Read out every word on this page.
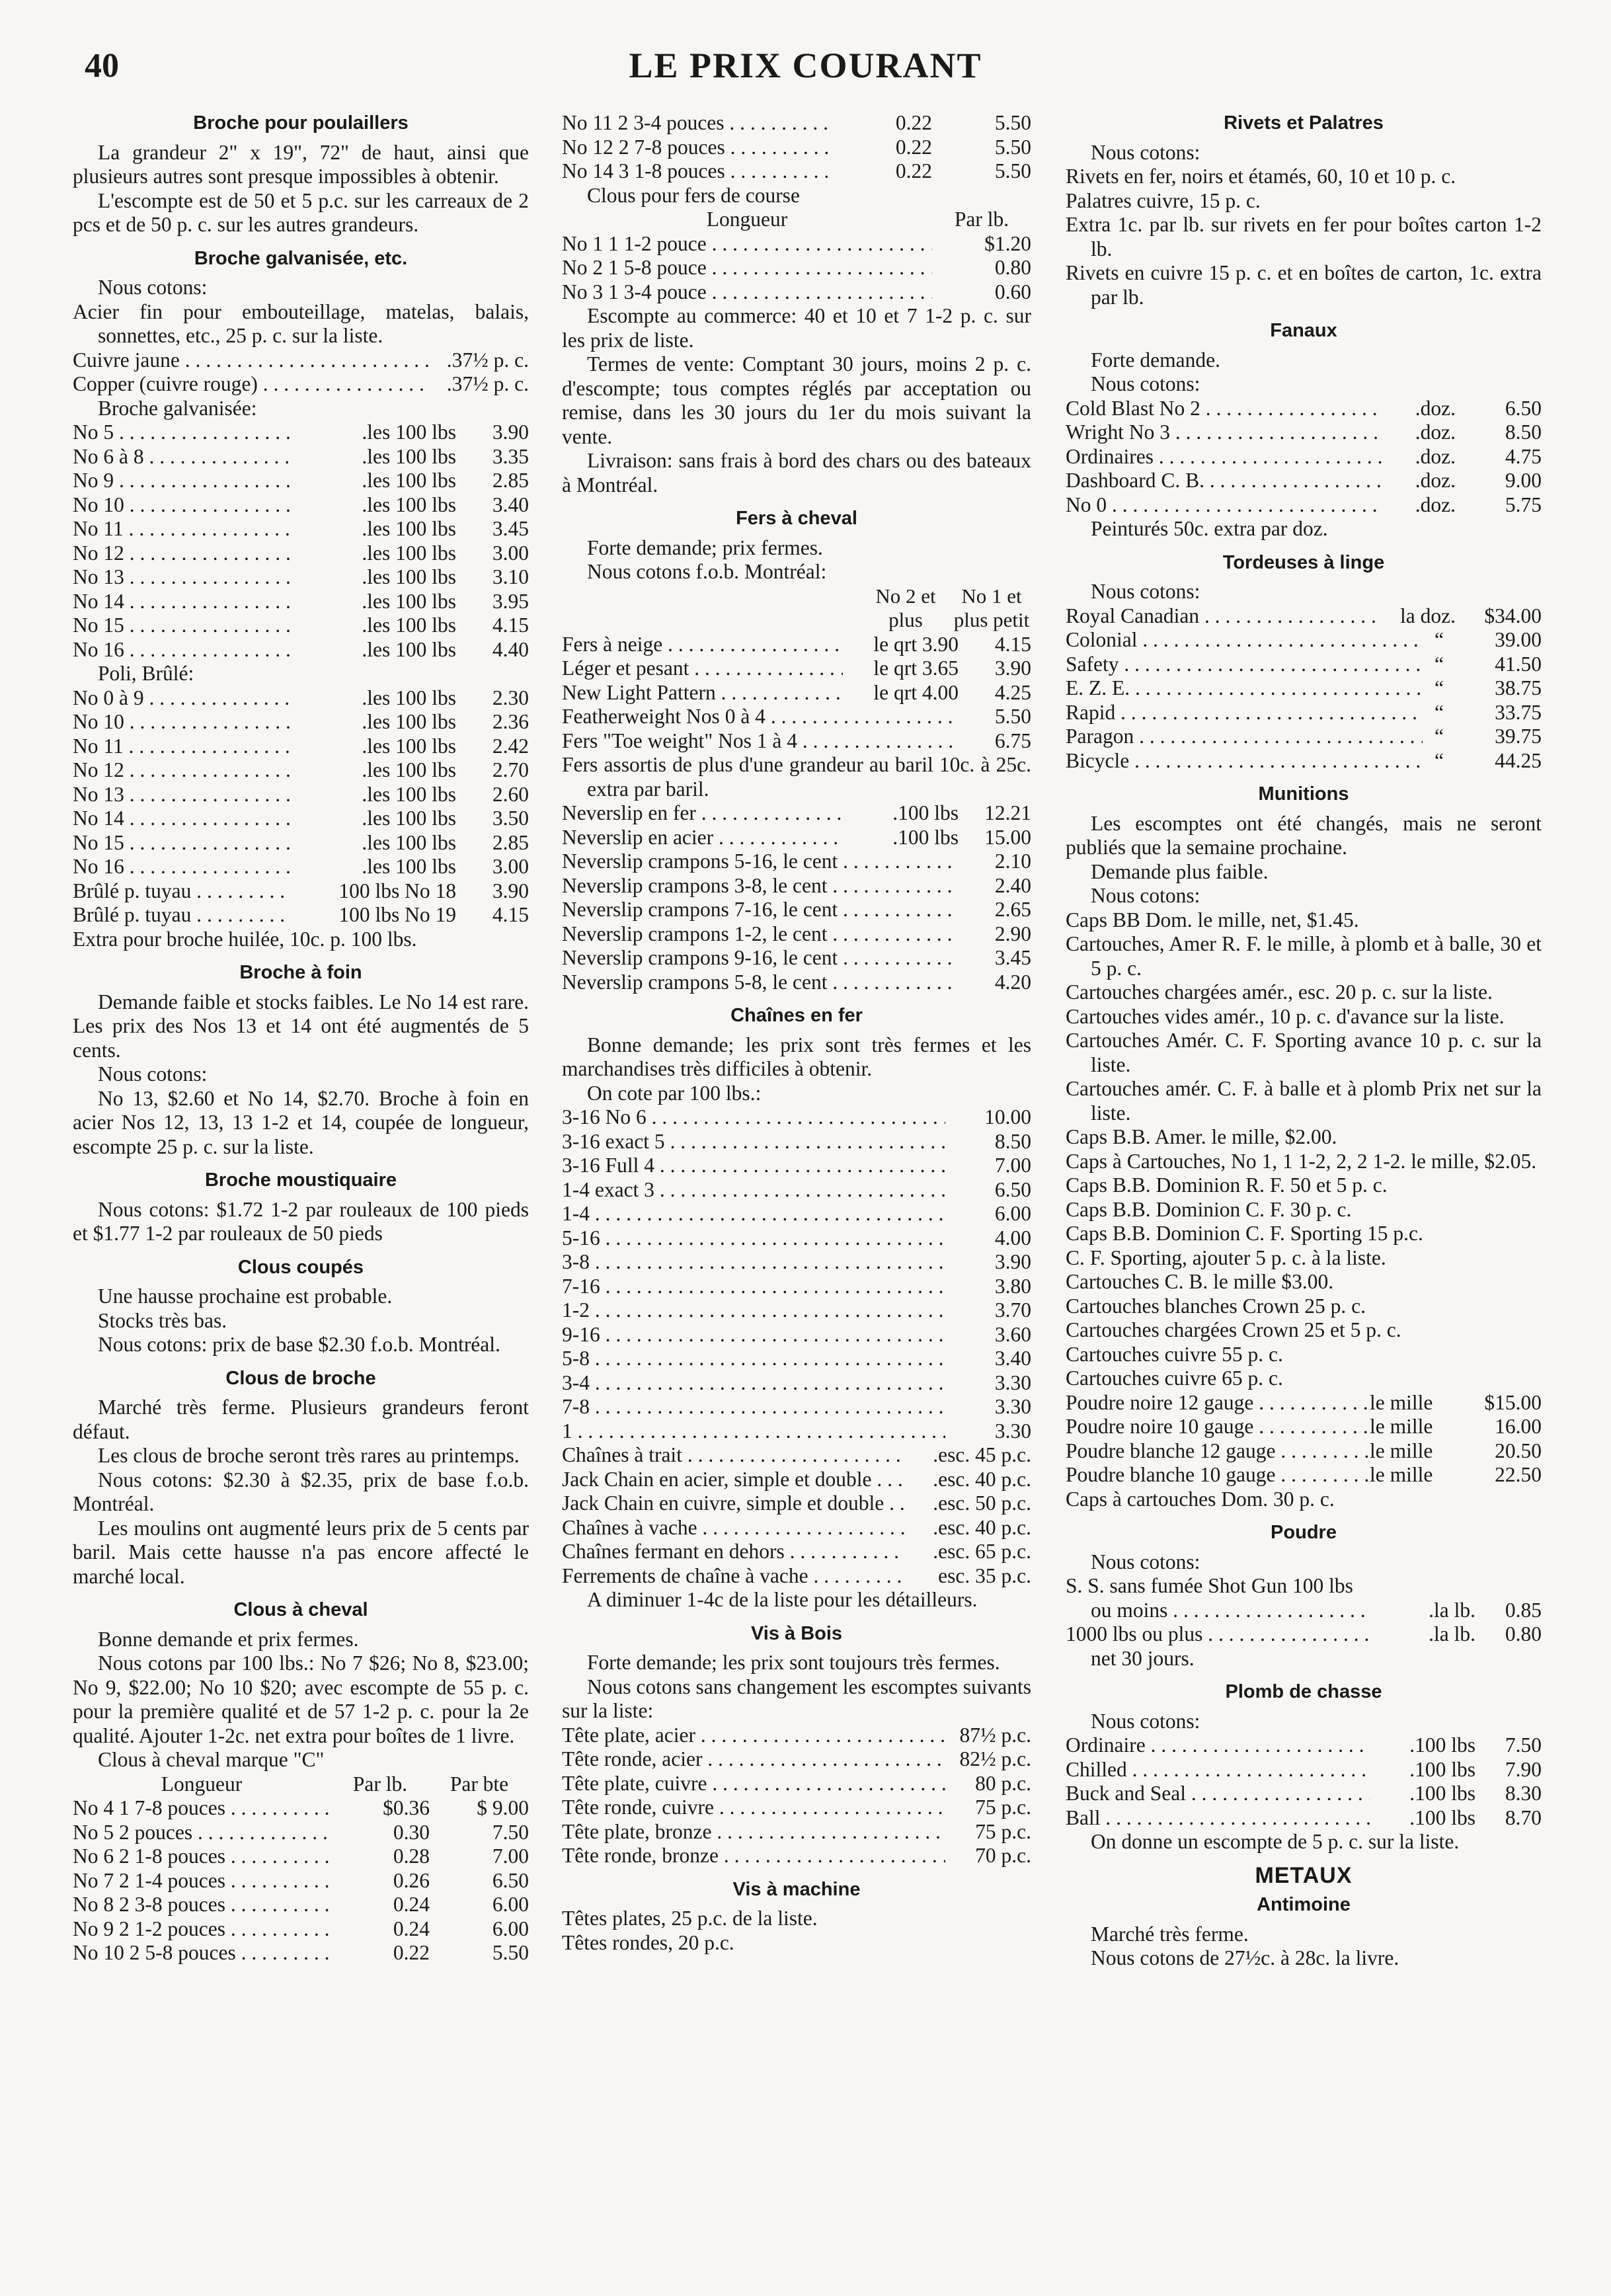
40	LE PRIX COURANT
Broche pour poulaillers

La grandeur 2" x 19", 72" de haut, ainsi que plusieurs autres sont presque impossibles à obtenir.

L'escompte est de 50 et 5 p.c. sur les carreaux de 2 pcs et de 50 p. c. sur les autres grandeurs.

Broche galvanisée, etc.

Nous cotons:

Acier fin pour embouteillage, matelas, balais, sonnettes, etc., 25 p. c. sur la liste.

Cuivre jaune . . .	.37½ p. c.
Copper (cuivre rouge) . . .	.37½ p. c.

Broche galvanisée:

No 5 . . .	.les 100 lbs	3.90
No 6 à 8 . . .	.les 100 lbs	3.35
No 9 . . .	.les 100 lbs	2.85
No 10 . . .	.les 100 lbs	3.40
No 11 . . .	.les 100 lbs	3.45
No 12 . . .	.les 100 lbs	3.00
No 13 . . .	.les 100 lbs	3.10
No 14 . . .	.les 100 lbs	3.95
No 15 . . .	.les 100 lbs	4.15
No 16 . . .	.les 100 lbs	4.40

Poli, Brûlé:

No 0 à 9 . . .	.les 100 lbs	2.30
No 10 . . .	.les 100 lbs	2.36
No 11 . . .	.les 100 lbs	2.42
No 12 . . .	.les 100 lbs	2.70
No 13 . . .	.les 100 lbs	2.60
No 14 . . .	.les 100 lbs	3.50
No 15 . . .	.les 100 lbs	2.85
No 16 . . .	.les 100 lbs	3.00
Brûlé p. tuyau . . .	100 lbs No 18	3.90
Brûlé p. tuyau . . .	100 lbs No 19	4.15

Extra pour broche huilée, 10c. p. 100 lbs.

Broche à foin

Demande faible et stocks faibles. Le No 14 est rare. Les prix des Nos 13 et 14 ont été augmentés de 5 cents.

Nous cotons:

No 13, $2.60 et No 14, $2.70. Broche à foin en acier Nos 12, 13, 13 1-2 et 14, coupée de longueur, escompte 25 p. c. sur la liste.

Broche moustiquaire

Nous cotons: $1.72 1-2 par rouleaux de 100 pieds et $1.77 1-2 par rouleaux de 50 pieds

Clous coupés

Une hausse prochaine est probable.

Stocks très bas.

Nous cotons: prix de base $2.30 f.o.b. Montréal.

Clous de broche

Marché très ferme. Plusieurs grandeurs feront défaut.

Les clous de broche seront très rares au printemps.

Nous cotons: $2.30 à $2.35, prix de base f.o.b. Montréal.

Les moulins ont augmenté leurs prix de 5 cents par baril. Mais cette hausse n'a pas encore affecté le marché local.

Clous à cheval

Bonne demande et prix fermes.

Nous cotons par 100 lbs.: No 7 $26; No 8, $23.00; No 9, $22.00; No 10 $20; avec escompte de 55 p. c. pour la première qualité et de 57 1-2 p. c. pour la 2e qualité. Ajouter 1-2c. net extra pour boîtes de 1 livre.

Clous à cheval marque "C"

Longueur	Par lb.	Par bte
No 4 1 7-8 pouces . . .	$0.36	$ 9.00
No 5 2 pouces . . .	0.30	7.50
No 6 2 1-8 pouces . . .	0.28	7.00
No 7 2 1-4 pouces . . .	0.26	6.50
No 8 2 3-8 pouces . . .	0.24	6.00
No 9 2 1-2 pouces . . .	0.24	6.00
No 10 2 5-8 pouces . . .	0.22	5.50
No 11 2 3-4 pouces . . .	0.22	5.50
No 12 2 7-8 pouces . . .	0.22	5.50
No 14 3 1-8 pouces . . .	0.22	5.50

Clous pour fers de course

Longueur	Par lb.
No 1 1 1-2 pouce . . .	$1.20
No 2 1 5-8 pouce . . .	0.80
No 3 1 3-4 pouce . . .	0.60

Escompte au commerce: 40 et 10 et 7 1-2 p. c. sur les prix de liste.

Termes de vente: Comptant 30 jours, moins 2 p. c. d'escompte; tous comptes réglés par acceptation ou remise, dans les 30 jours du 1er du mois suivant la vente.

Livraison: sans frais à bord des chars ou des bateaux à Montréal.

Fers à cheval

Forte demande; prix fermes.

Nous cotons f.o.b. Montréal:

No 2 et plus
No 1 et plus petit
Fers à neige . . .	le qrt 3.90	4.15
Léger et pesant . . .	le qrt 3.65	3.90
New Light Pattern . . .	le qrt 4.00	4.25
Featherweight Nos 0 à 4 . . .	5.50
Fers "Toe weight" Nos 1 à 4 . . .	6.75

Fers assortis de plus d'une grandeur au baril 10c. à 25c. extra par baril.

Neverslip en fer . . .	.100 lbs	12.21
Neverslip en acier . . .	.100 lbs	15.00
Neverslip crampons 5-16, le cent . . .	2.10
Neverslip crampons 3-8, le cent . . .	2.40
Neverslip crampons 7-16, le cent . . .	2.65
Neverslip crampons 1-2, le cent . . .	2.90
Neverslip crampons 9-16, le cent . . .	3.45
Neverslip crampons 5-8, le cent . . .	4.20
Chaînes en fer

Bonne demande; les prix sont très fermes et les marchandises très difficiles à obtenir.

On cote par 100 lbs.:

3-16 No 6 . . .	10.00
3-16 exact 5 . . .	8.50
3-16 Full 4 . . .	7.00
1-4 exact 3 . . .	6.50
1-4 . . .	6.00
5-16 . . .	4.00
3-8 . . .	3.90
7-16 . . .	3.80
1-2 . . .	3.70
9-16 . . .	3.60
5-8 . . .	3.40
3-4 . . .	3.30
7-8 . . .	3.30
1 . . .	3.30
Chaînes à trait . . .	.esc. 45 p.c.
Jack Chain en acier, simple et double . . .	.esc. 40 p.c.
Jack Chain en cuivre, simple et double . . .	.esc. 50 p.c.
Chaînes à vache . . .	.esc. 40 p.c.
Chaînes fermant en dehors . . .	.esc. 65 p.c.
Ferrements de chaîne à vache . . .	esc. 35 p.c.

A diminuer 1-4c de la liste pour les détailleurs.

Vis à Bois

Forte demande; les prix sont toujours très fermes.

Nous cotons sans changement les escomptes suivants sur la liste:

Tête plate, acier . . .	87½ p.c.
Tête ronde, acier . . .	82½ p.c.
Tête plate, cuivre . . .	80 p.c.
Tête ronde, cuivre . . .	75 p.c.
Tête plate, bronze . . .	75 p.c.
Tête ronde, bronze . . .	70 p.c.
Vis à machine

Têtes plates, 25 p.c. de la liste.

Têtes rondes, 20 p.c.

Rivets et Palatres

Nous cotons:

Rivets en fer, noirs et étamés, 60, 10 et 10 p. c.

Palatres cuivre, 15 p. c.

Extra 1c. par lb. sur rivets en fer pour boîtes carton 1-2 lb.

Rivets en cuivre 15 p. c. et en boîtes de carton, 1c. extra par lb.

Fanaux

Forte demande.

Nous cotons:

Cold Blast No 2 . . .	.doz.	6.50
Wright No 3 . . .	.doz.	8.50
Ordinaires . . .	.doz.	4.75
Dashboard C. B. . . .	.doz.	9.00
No 0 . . .	.doz.	5.75

Peinturés 50c. extra par doz.

Tordeuses à linge

Nous cotons:

Royal Canadian . . .	la doz.	$34.00
Colonial . . .	“	39.00
Safety . . .	“	41.50
E. Z. E. . . .	“	38.75
Rapid . . .	“	33.75
Paragon . . .	“	39.75
Bicycle . . .	“	44.25
Munitions

Les escomptes ont été changés, mais ne seront publiés que la semaine prochaine.

Demande plus faible.

Nous cotons:

Caps BB Dom. le mille, net, $1.45.

Cartouches, Amer R. F. le mille, à plomb et à balle, 30 et 5 p. c.

Cartouches chargées amér., esc. 20 p. c. sur la liste.

Cartouches vides amér., 10 p. c. d'avance sur la liste.

Cartouches Amér. C. F. Sporting avance 10 p. c. sur la liste.

Cartouches amér. C. F. à balle et à plomb Prix net sur la liste.

Caps B.B. Amer. le mille, $2.00.

Caps à Cartouches, No 1, 1 1-2, 2, 2 1-2. le mille, $2.05.

Caps B.B. Dominion R. F. 50 et 5 p. c.

Caps B.B. Dominion C. F. 30 p. c.

Caps B.B. Dominion C. F. Sporting 15 p.c.

C. F. Sporting, ajouter 5 p. c. à la liste.

Cartouches C. B. le mille $3.00.

Cartouches blanches Crown 25 p. c.

Cartouches chargées Crown 25 et 5 p. c.

Cartouches cuivre 55 p. c.

Cartouches cuivre 65 p. c.

Poudre noire 12 gauge . . .	le mille	$15.00
Poudre noire 10 gauge . . .	le mille	16.00
Poudre blanche 12 gauge . . .	le mille	20.50
Poudre blanche 10 gauge . . .	le mille	22.50

Caps à cartouches Dom. 30 p. c.

Poudre

Nous cotons:

S. S. sans fumée Shot Gun 100 lbs

ou moins . . .	.la lb.	0.85
1000 lbs ou plus . . .	.la lb.	0.80

net 30 jours.

Plomb de chasse

Nous cotons:

Ordinaire . . .	.100 lbs	7.50
Chilled . . .	.100 lbs	7.90
Buck and Seal . . .	.100 lbs	8.30
Ball . . .	.100 lbs	8.70

On donne un escompte de 5 p. c. sur la liste.

METAUX
Antimoine

Marché très ferme.

Nous cotons de 27½c. à 28c. la livre.
